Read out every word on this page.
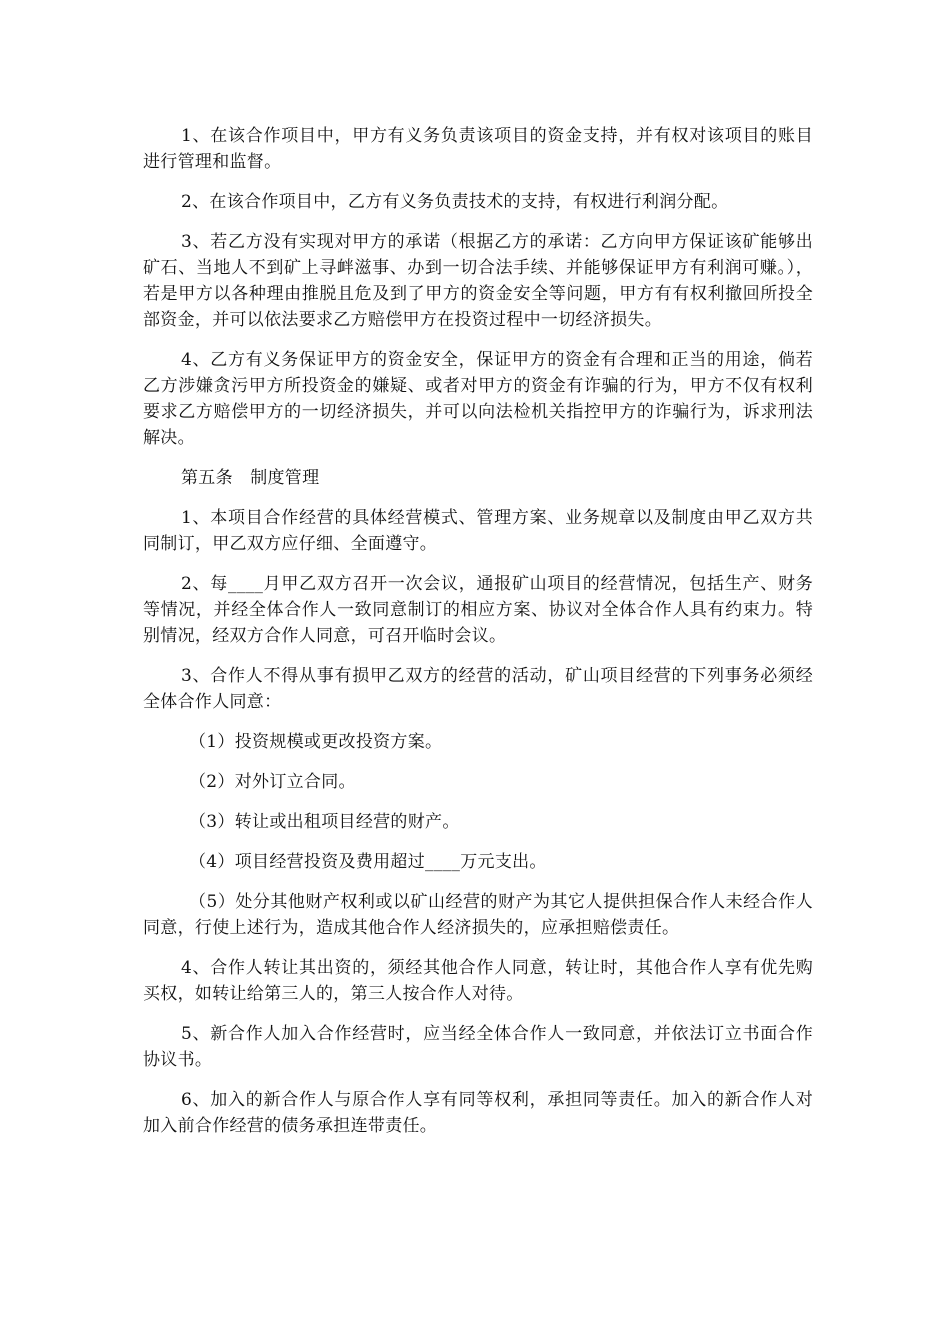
1、在该合作项目中，甲方有义务负责该项目的资金支持，并有权对该项目的账目进行管理和监督。

2、在该合作项目中，乙方有义务负责技术的支持，有权进行利润分配。

3、若乙方没有实现对甲方的承诺（根据乙方的承诺：乙方向甲方保证该矿能够出矿石、当地人不到矿上寻衅滋事、办到一切合法手续、并能够保证甲方有利润可赚。），若是甲方以各种理由推脱且危及到了甲方的资金安全等问题，甲方有有权利撤回所投全部资金，并可以依法要求乙方赔偿甲方在投资过程中一切经济损失。

4、乙方有义务保证甲方的资金安全，保证甲方的资金有合理和正当的用途，倘若乙方涉嫌贪污甲方所投资金的嫌疑、或者对甲方的资金有诈骗的行为，甲方不仅有权利要求乙方赔偿甲方的一切经济损失，并可以向法检机关指控甲方的诈骗行为，诉求刑法解决。

第五条　制度管理

1、本项目合作经营的具体经营模式、管理方案、业务规章以及制度由甲乙双方共同制订，甲乙双方应仔细、全面遵守。

2、每____月甲乙双方召开一次会议，通报矿山项目的经营情况，包括生产、财务等情况，并经全体合作人一致同意制订的相应方案、协议对全体合作人具有约束力。特别情况，经双方合作人同意，可召开临时会议。

3、合作人不得从事有损甲乙双方的经营的活动，矿山项目经营的下列事务必须经全体合作人同意：

（1）投资规模或更改投资方案。

（2）对外订立合同。

（3）转让或出租项目经营的财产。

（4）项目经营投资及费用超过____万元支出。

（5）处分其他财产权利或以矿山经营的财产为其它人提供担保合作人未经合作人同意，行使上述行为，造成其他合作人经济损失的，应承担赔偿责任。

4、合作人转让其出资的，须经其他合作人同意，转让时，其他合作人享有优先购买权，如转让给第三人的，第三人按合作人对待。

5、新合作人加入合作经营时，应当经全体合作人一致同意，并依法订立书面合作协议书。

6、加入的新合作人与原合作人享有同等权利，承担同等责任。加入的新合作人对加入前合作经营的债务承担连带责任。
